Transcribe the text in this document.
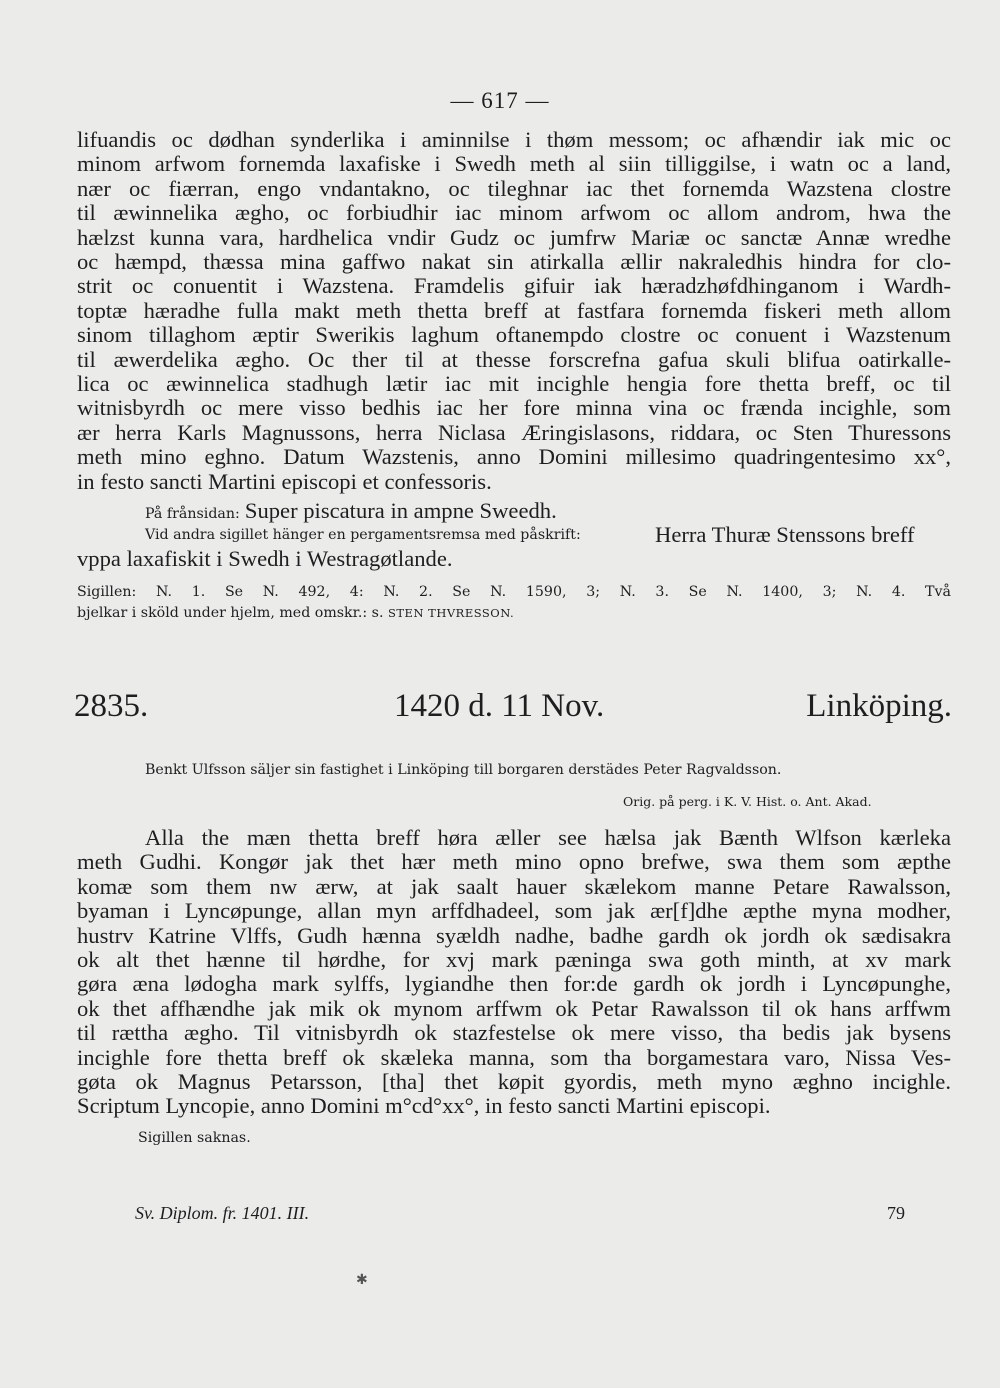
— 617 —
lifuandis oc dødhan synderlika i aminnilse i thøm messom; oc afhændir iak mic oc
minom arfwom fornemda laxafiske i Swedh meth al siin tilliggilse, i watn oc a land,
nær oc fiærran, engo vndantakno, oc tileghnar iac thet fornemda Wazstena clostre
til æwinnelika ægho, oc forbiudhir iac minom arfwom oc allom androm, hwa the
hælzst kunna vara, hardhelica vndir Gudz oc jumfrw Mariæ oc sanctæ Annæ wredhe
oc hæmpd, thæssa mina gaffwo nakat sin atirkalla ællir nakraledhis hindra for clo-
strit oc conuentit i Wazstena. Framdelis gifuir iak hæradzhøfdhinganom i Wardh-
toptæ hæradhe fulla makt meth thetta breff at fastfara fornemda fiskeri meth allom
sinom tillaghom æptir Swerikis laghum oftanempdo clostre oc conuent i Wazstenum
til æwerdelika ægho. Oc ther til at thesse forscrefna gafua skuli blifua oatirkalle-
lica oc æwinnelica stadhugh lætir iac mit incighle hengia fore thetta breff, oc til
witnisbyrdh oc mere visso bedhis iac her fore minna vina oc frænda incighle, som
ær herra Karls Magnussons, herra Niclasa Æringislasons, riddara, oc Sten Thuressons
meth mino eghno. Datum Wazstenis, anno Domini millesimo quadringentesimo xx°,
in festo sancti Martini episcopi et confessoris.
På frånsidan: Super piscatura in ampne Sweedh.
Vid andra sigillet hänger en pergamentsremsa med påskrift:	Herra Thuræ Stenssons breff
vppa laxafiskit i Swedh i Westragøtlande.
Sigillen: N. 1. Se N. 492, 4: N. 2. Se N. 1590, 3; N. 3. Se N. 1400, 3; N. 4. Två
bjelkar i sköld under hjelm, med omskr.: s. STEN THVRESSON.
2835.	1420 d. 11 Nov.	Linköping.
Benkt Ulfsson säljer sin fastighet i Linköping till borgaren derstädes Peter Ragvaldsson.
Orig. på perg. i K. V. Hist. o. Ant. Akad.
Alla the mæn thetta breff høra æller see hælsa jak Bænth Wlfson kærleka
meth Gudhi. Kongør jak thet hær meth mino opno brefwe, swa them som æpthe
komæ som them nw ærw, at jak saalt hauer skælekom manne Petare Rawalsson,
byaman i Lyncøpunge, allan myn arffdhadeel, som jak ær[f]dhe æpthe myna modher,
hustrv Katrine Vlffs, Gudh hænna syældh nadhe, badhe gardh ok jordh ok sædisakra
ok alt thet hænne til hørdhe, for xvj mark pæninga swa goth minth, at xv mark
gøra æna lødogha mark sylffs, lygiandhe then for:de gardh ok jordh i Lyncøpunghe,
ok thet affhændhe jak mik ok mynom arffwm ok Petar Rawalsson til ok hans arffwm
til rættha ægho. Til vitnisbyrdh ok stazfestelse ok mere visso, tha bedis jak bysens
incighle fore thetta breff ok skæleka manna, som tha borgamestara varo, Nissa Ves-
gøta ok Magnus Petarsson, [tha] thet køpit gyordis, meth myno æghno incighle.
Scriptum Lyncopie, anno Domini m°cd°xx°, in festo sancti Martini episcopi.
Sigillen saknas.
Sv. Diplom. fr. 1401. III.	79
✱
